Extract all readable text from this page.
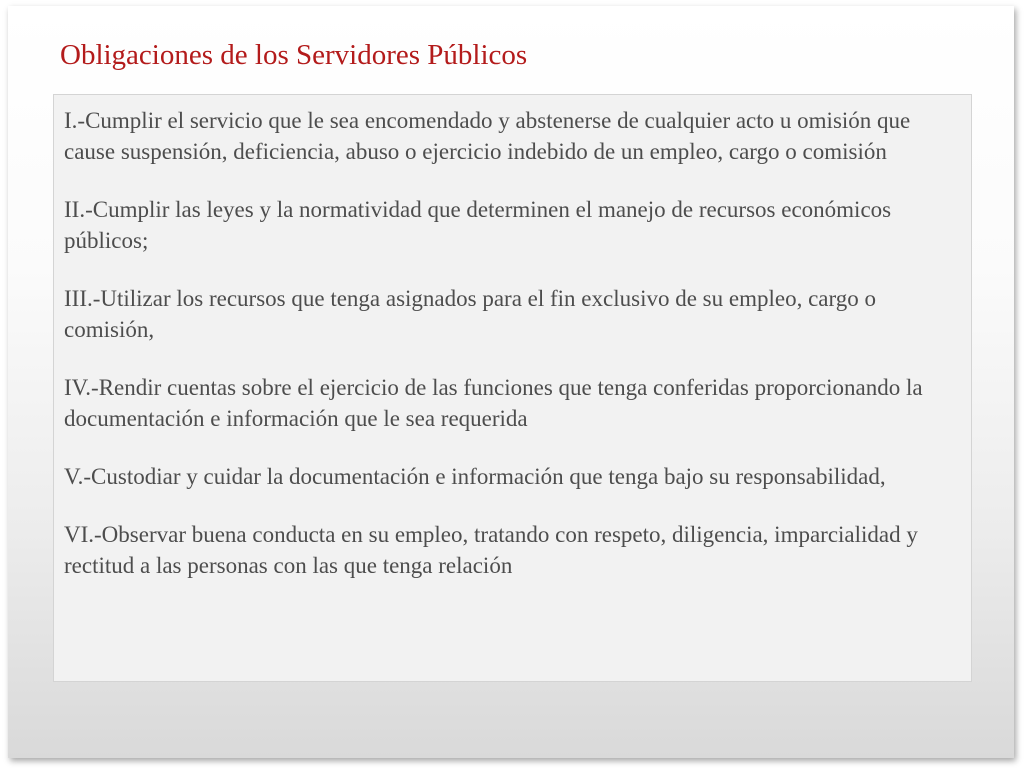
Obligaciones de los Servidores Públicos

I.-Cumplir el servicio que le sea encomendado y abstenerse de cualquier acto u omisión que cause suspensión, deficiencia, abuso o ejercicio indebido de un empleo, cargo o comisión

II.-Cumplir las leyes y la normatividad que determinen el manejo de recursos económicos públicos;

III.-Utilizar los recursos que tenga asignados para el fin exclusivo de su empleo, cargo o comisión,

IV.-Rendir cuentas sobre el ejercicio de las funciones que tenga conferidas proporcionando la documentación e información que le sea requerida

V.-Custodiar y cuidar la documentación e información que tenga bajo su responsabilidad,

VI.-Observar buena conducta en su empleo, tratando con respeto, diligencia, imparcialidad y rectitud a las personas con las que tenga relación
